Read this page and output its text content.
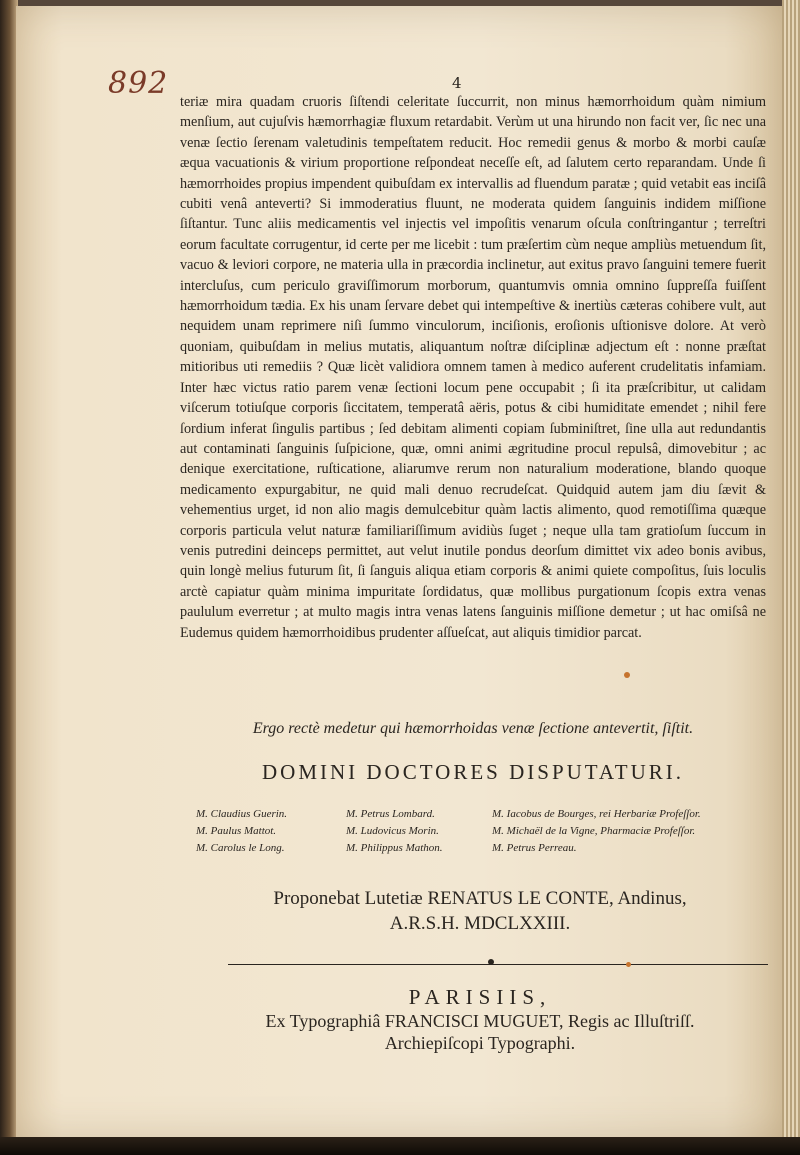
892	4

teriæ mira quadam cruoris ſiſtendi celeritate ſuccurrit, non minus hæmorrhoidum quàm nimium menſium, aut cujuſvis hæmorrhagiæ fluxum retardabit. Verùm ut una hirundo non facit ver, ſic nec una venæ ſectio ſerenam valetudinis tempeſtatem reducit. Hoc remedii genus & morbo & morbi cauſæ æqua vacuationis & virium proportione reſpondeat neceſſe eſt, ad ſalutem certo reparandam. Unde ſi hæmorrhoides propius impendent quibuſdam ex intervallis ad fluendum paratæ ; quid vetabit eas inciſâ cubiti venâ anteverti? Si immoderatius fluunt, ne moderata quidem ſanguinis indidem miſſione ſiſtantur. Tunc aliis medicamentis vel injectis vel impoſitis venarum oſcula conſtringantur ; terreſtri eorum facultate corrugentur, id certe per me licebit : tum præſertim cùm neque ampliùs metuendum ſit, vacuo & leviori corpore, ne materia ulla in præcordia inclinetur, aut exitus pravo ſanguini temere fuerit intercluſus, cum periculo graviſſimorum morborum, quantumvis omnia omnino ſuppreſſa fuiſſent hæmorrhoidum tædia. Ex his unam ſervare debet qui intempeſtive & inertiùs cæteras cohibere vult, aut nequidem unam reprimere niſi ſummo vinculorum, inciſionis, eroſionis uſtionisve dolore. At verò quoniam, quibuſdam in melius mutatis, aliquantum noſtræ diſciplinæ adjectum eſt : nonne præſtat mitioribus uti remediis ? Quæ licèt validiora omnem tamen à medico auferent crudelitatis infamiam. Inter hæc victus ratio parem venæ ſectioni locum pene occupabit ; ſi ita præſcribitur, ut calidam viſcerum totiuſque corporis ſiccitatem, temperatâ aëris, potus & cibi humiditate emendet ; nihil fere ſordium inferat ſingulis partibus ; ſed debitam alimenti copiam ſubminiſtret, ſine ulla aut redundantis aut contaminati ſanguinis ſuſpicione, quæ, omni animi ægritudine procul repulsâ, dimovebitur ; ac denique exercitatione, ruſticatione, aliarumve rerum non naturalium moderatione, blando quoque medicamento expurgabitur, ne quid mali denuo recrudeſcat. Quidquid autem jam diu ſævit & vehementius urget, id non alio magis demulcebitur quàm lactis alimento, quod remotiſſima quæque corporis particula velut naturæ familiariſſimum avidiùs ſuget ; neque ulla tam gratioſum ſuccum in venis putredini deinceps permittet, aut velut inutile pondus deorſum dimittet vix adeo bonis avibus, quin longè melius futurum ſit, ſi ſanguis aliqua etiam corporis & animi quiete compoſitus, ſuis loculis arctè capiatur quàm minima impuritate ſordidatus, quæ mollibus purgationum ſcopis extra venas paululum everretur ; at multo magis intra venas latens ſanguinis miſſione demetur ; ut hac omiſsâ ne Eudemus quidem hæmorrhoidibus prudenter aſſueſcat, aut aliquis timidior parcat.

Ergo rectè medetur qui hæmorrhoidas venæ ſectione antevertit, ſiſtit.
DOMINI DOCTORES DISPUTATURI.
M. Claudius Guerin.
M. Paulus Mattot.
M. Carolus le Long.
M. Petrus Lombard.
M. Ludovicus Morin.
M. Philippus Mathon.
M. Iacobus de Bourges, rei Herbariæ Profeſſor.
M. Michaël de la Vigne, Pharmaciæ Profeſſor.
M. Petrus Perreau.
Proponebat Lutetiæ RENATUS LE CONTE, Andinus,
A.R.S.H. MDCLXXIII.
PARISIIS,
Ex Typographiâ FRANCISCI MUGUET, Regis ac Illuſtriſſ.
Archiepiſcopi Typographi.
